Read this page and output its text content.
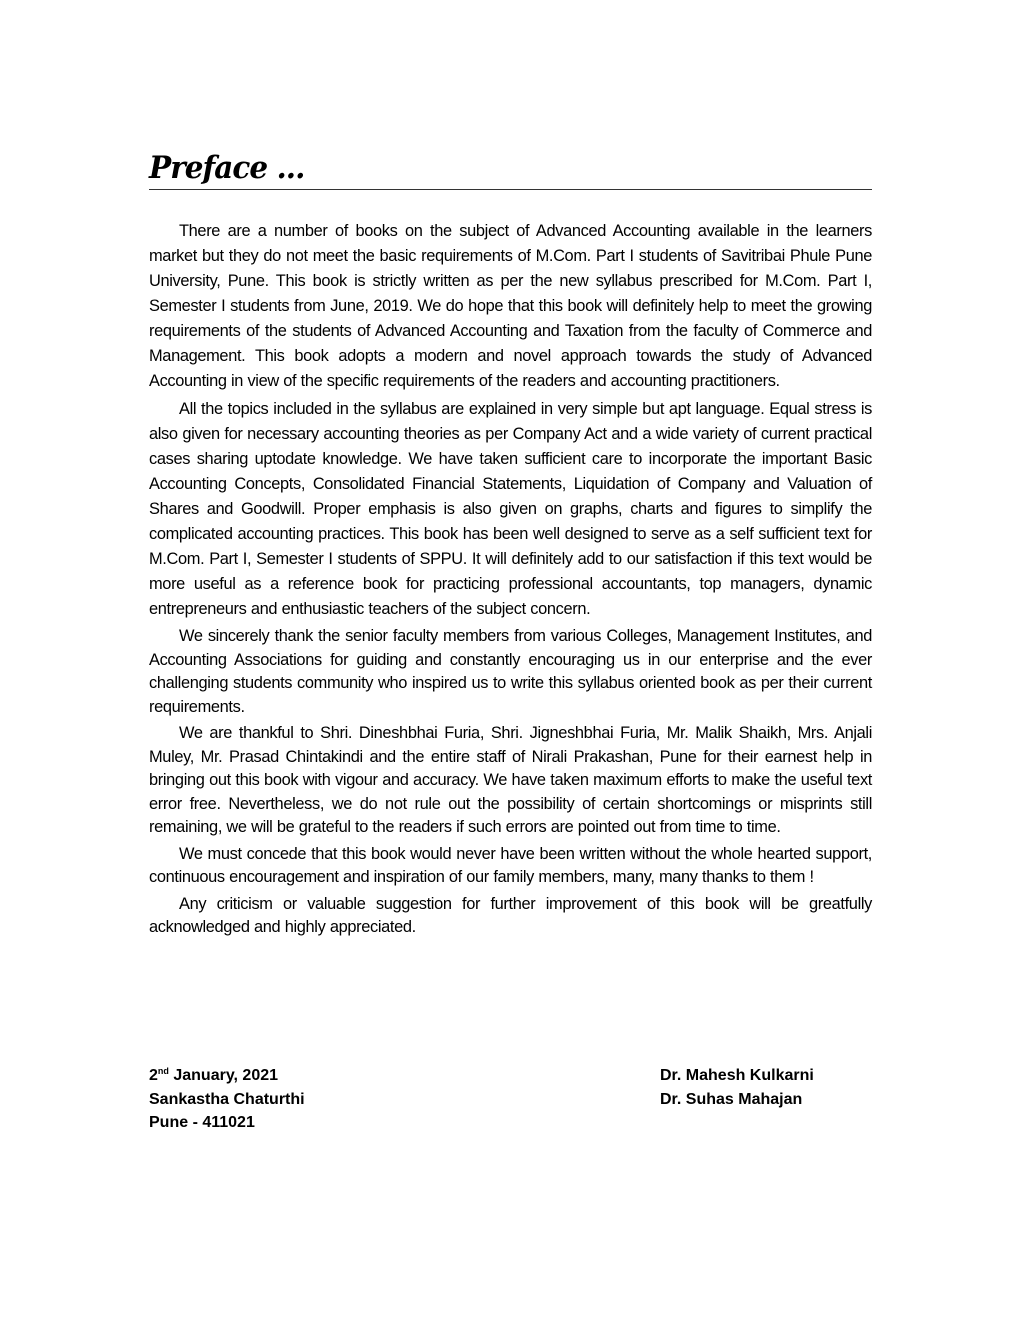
Preface ...

There are a number of books on the subject of Advanced Accounting available in the learners market but they do not meet the basic requirements of M.Com. Part I students of Savitribai Phule Pune University, Pune. This book is strictly written as per the new syllabus prescribed for M.Com. Part I, Semester I students from June, 2019. We do hope that this book will definitely help to meet the growing requirements of the students of Advanced Accounting and Taxation from the faculty of Commerce and Management. This book adopts a modern and novel approach towards the study of Advanced Accounting in view of the specific requirements of the readers and accounting practitioners.

All the topics included in the syllabus are explained in very simple but apt language. Equal stress is also given for necessary accounting theories as per Company Act and a wide variety of current practical cases sharing uptodate knowledge. We have taken sufficient care to incorporate the important Basic Accounting Concepts, Consolidated Financial Statements, Liquidation of Company and Valuation of Shares and Goodwill. Proper emphasis is also given on graphs, charts and figures to simplify the complicated accounting practices. This book has been well designed to serve as a self sufficient text for M.Com. Part I, Semester I students of SPPU. It will definitely add to our satisfaction if this text would be more useful as a reference book for practicing professional accountants, top managers, dynamic entrepreneurs and enthusiastic teachers of the subject concern.

We sincerely thank the senior faculty members from various Colleges, Management Institutes, and Accounting Associations for guiding and constantly encouraging us in our enterprise and the ever challenging students community who inspired us to write this syllabus oriented book as per their current requirements.

We are thankful to Shri. Dineshbhai Furia, Shri. Jigneshbhai Furia, Mr. Malik Shaikh, Mrs. Anjali Muley, Mr. Prasad Chintakindi and the entire staff of Nirali Prakashan, Pune for their earnest help in bringing out this book with vigour and accuracy. We have taken maximum efforts to make the useful text error free. Nevertheless, we do not rule out the possibility of certain shortcomings or misprints still remaining, we will be grateful to the readers if such errors are pointed out from time to time.

We must concede that this book would never have been written without the whole hearted support, continuous encouragement and inspiration of our family members, many, many thanks to them !

Any criticism or valuable suggestion for further improvement of this book will be greatfully acknowledged and highly appreciated.

2nd January, 2021
Sankastha Chaturthi
Pune - 411021
Dr. Mahesh Kulkarni
Dr. Suhas Mahajan
